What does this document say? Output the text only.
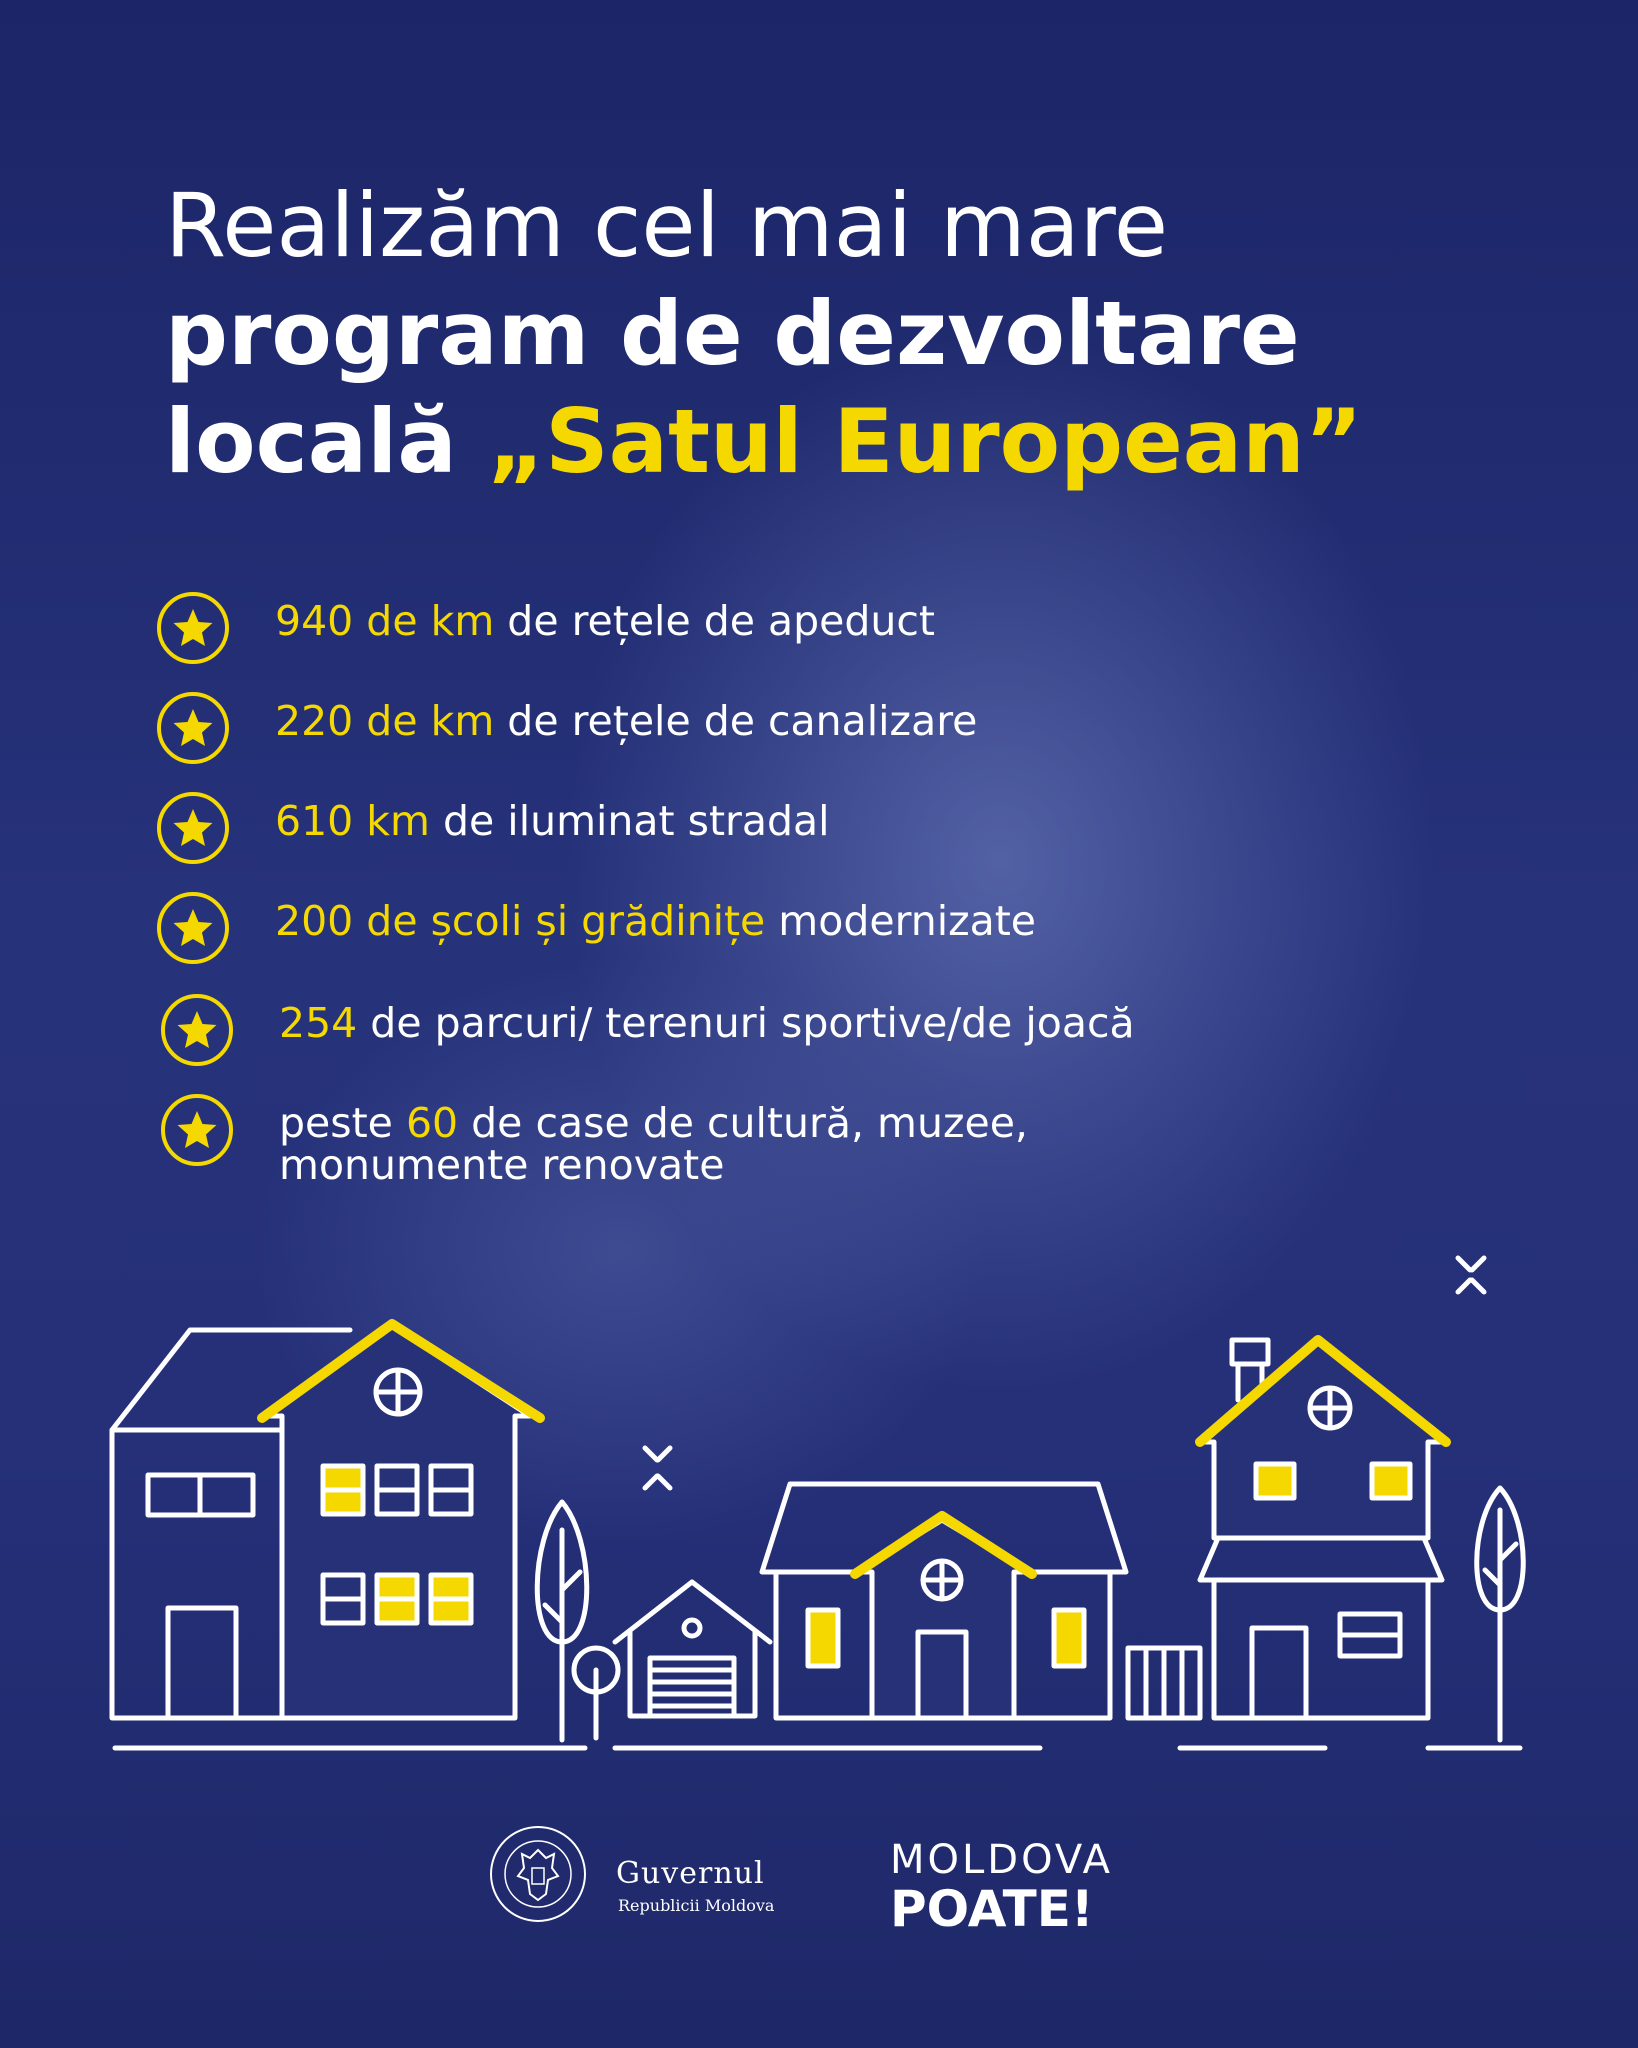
Realizăm cel mai mare
program de dezvoltare
locală „Satul European”
940 de km de rețele de apeduct
220 de km de rețele de canalizare
610 km de iluminat stradal
200 de școli și grădinițe modernizate
254 de parcuri/ terenuri sportive/de joacă
peste 60 de case de cultură, muzee, monumente renovate
Guvernul
Republicii Moldova
MOLDOVA
POATE!
